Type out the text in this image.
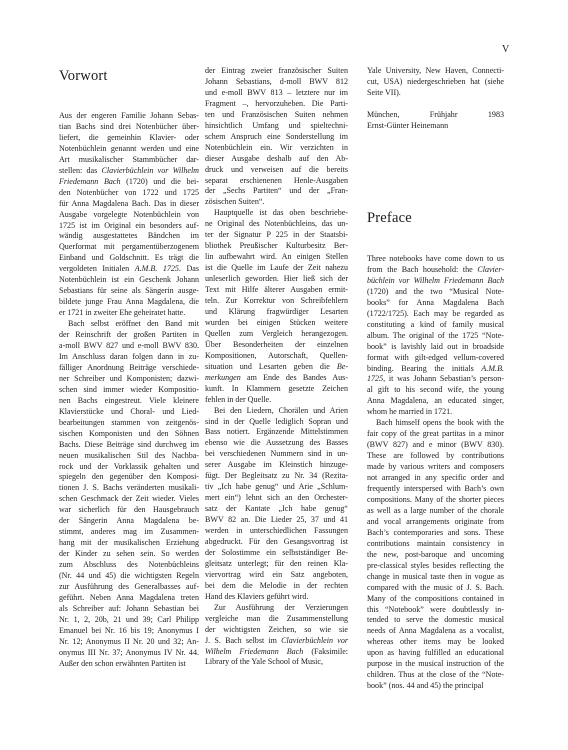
V
Vorwort

Aus der engeren Familie Johann Sebas-
tian Bachs sind drei Notenbücher über-
liefert, die gemeinhin Klavier- oder
Notenbüchlein genannt werden und eine
Art musikalischer Stammbücher dar-
stellen: das Clavierbüchlein vor Wilhelm
Friedemann Bach (1720) und die bei-
den Notenbücher von 1722 und 1725
für Anna Magdalena Bach. Das in dieser
Ausgabe vorgelegte Notenbüchlein von
1725 ist im Original ein besonders auf-
wändig ausgestattetes Bändchen im
Querformat mit pergamentüberzogenem
Einband und Goldschnitt. Es trägt die
vergoldeten Initialen A.M.B. 1725. Das
Notenbüchlein ist ein Geschenk Johann
Sebastians für seine als Sängerin ausge-
bildete junge Frau Anna Magdalena, die
er 1721 in zweiter Ehe geheiratet hatte.

Bach selbst eröffnet den Band mit
der Reinschrift der großen Partiten in
a-moll BWV 827 und e-moll BWV 830.
Im Anschluss daran folgen dann in zu-
fälliger Anordnung Beiträge verschiede-
ner Schreiber und Komponisten; dazwi-
schen sind immer wieder Kompositio-
nen Bachs eingestreut. Viele kleinere
Klavierstücke und Choral- und Lied-
bearbeitungen stammen von zeitgenös-
sischen Komponisten und den Söhnen
Bachs. Diese Beiträge sind durchweg im
neuen musikalischen Stil des Nachba-
rock und der Vorklassik gehalten und
spiegeln den gegenüber den Komposi-
tionen J. S. Bachs veränderten musikali-
schen Geschmack der Zeit wieder. Vieles
war sicherlich für den Hausgebrauch
der Sängerin Anna Magdalena be-
stimmt, anderes mag im Zusammen-
hang mit der musikalischen Erziehung
der Kinder zu sehen sein. So werden
zum Abschluss des Notenbüchleins
(Nr. 44 und 45) die wichtigsten Regeln
zur Ausführung des Generalbasses auf-
geführt. Neben Anna Magdalena treten
als Schreiber auf: Johann Sebastian bei
Nr. 1, 2, 20b, 21 und 39; Carl Philipp
Emanuel bei Nr. 16 bis 19; Anonymus I
Nr. 12; Anonymus II Nr. 20 und 32; An-
onymus III Nr. 37; Anonymus IV Nr. 44.
Außer den schon erwähnten Partiten ist

der Eintrag zweier französischer Suiten
Johann Sebastians, d-moll BWV 812
und e-moll BWV 813 – letztere nur im
Fragment –, hervorzuheben. Die Parti-
ten und Französischen Suiten nehmen
hinsichtlich Umfang und spieltechni-
schem Anspruch eine Sonderstellung im
Notenbüchlein ein. Wir verzichten in
dieser Ausgabe deshalb auf den Ab-
druck und verweisen auf die bereits
separat erschienenen Henle-Ausgaben
der „Sechs Partiten“ und der „Fran-
zösischen Suiten“.

Hauptquelle ist das oben beschriebe-
ne Original des Notenbüchleins, das un-
ter der Signatur P 225 in der Staatsbi-
bliothek Preußischer Kulturbesitz Ber-
lin aufbewahrt wird. An einigen Stellen
ist die Quelle im Laufe der Zeit nahezu
unleserlich geworden. Hier ließ sich der
Text mit Hilfe älterer Ausgaben ermit-
teln. Zur Korrektur von Schreibfehlern
und Klärung fragwürdiger Lesarten
wurden bei einigen Stücken weitere
Quellen zum Vergleich herangezogen.
Über Besonderheiten der einzelnen
Kompositionen, Autorschaft, Quellen-
situation und Lesarten geben die Be-
merkungen am Ende des Bandes Aus-
kunft. In Klammern gesetzte Zeichen
fehlen in der Quelle.

Bei den Liedern, Chorälen und Arien
sind in der Quelle lediglich Sopran und
Bass notiert. Ergänzende Mittelstimmen
ebenso wie die Aussetzung des Basses
bei verschiedenen Nummern sind in un-
serer Ausgabe im Kleinstich hinzuge-
fügt. Der Begleitsatz zu Nr. 34 (Rezita-
tiv „Ich habe genug“ und Arie „Schlum-
mert ein“) lehnt sich an den Orchester-
satz der Kantate „Ich habe genug“
BWV 82 an. Die Lieder 25, 37 und 41
werden in unterschiedlichen Fassungen
abgedruckt. Für den Gesangsvortrag ist
der Solostimme ein selbstständiger Be-
gleitsatz unterlegt; für den reinen Kla-
viervortrag wird ein Satz angeboten,
bei dem die Melodie in der rechten
Hand des Klaviers geführt wird.

Zur Ausführung der Verzierungen
vergleiche man die Zusammenstellung
der wichtigsten Zeichen, so wie sie
J. S. Bach selbst im Clavierbüchlein vor
Wilhelm Friedemann Bach (Faksimile:
Library of the Yale School of Music,

Yale University, New Haven, Connecti-
cut, USA) niedergeschrieben hat (siehe
Seite VII).

München, Frühjahr 1983
Ernst-Günter Heinemann

Preface

Three notebooks have come down to us
from the Bach household: the Clavier-
büchlein vor Wilhelm Friedemann Bach
(1720) and the two “Musical Note-
books” for Anna Magdalena Bach
(1722/1725). Each may be regarded as
constituting a kind of family musical
album. The original of the 1725 “Note-
book” is lavishly laid out in broadside
format with gilt-edged vellum-covered
binding. Bearing the initials A.M.B.
1725, it was Johann Sebastian’s person-
al gift to his second wife, the young
Anna Magdalena, an educated singer,
whom he married in 1721.

Bach himself opens the book with the
fair copy of the great partitas in a minor
(BWV 827) and e minor (BWV 830).
These are followed by contributions
made by various writers and composers
not arranged in any specific order and
frequently interspersed with Bach’s own
compositions. Many of the shorter pieces
as well as a large number of the chorale
and vocal arrangements originate from
Bach’s contemporaries and sons. These
contributions maintain consistency in
the new, post-baroque and uncoming
pre-classical styles besides reflecting the
change in musical taste then in vogue as
compared with the music of J. S. Bach.
Many of the compositions contained in
this “Notebook” were doubtlessly in-
tended to serve the domestic musical
needs of Anna Magdalena as a vocalist,
whereas other items may be looked
upon as having fulfilled an educational
purpose in the musical instruction of the
children. Thus at the close of the “Note-
book” (nos. 44 and 45) the principal
